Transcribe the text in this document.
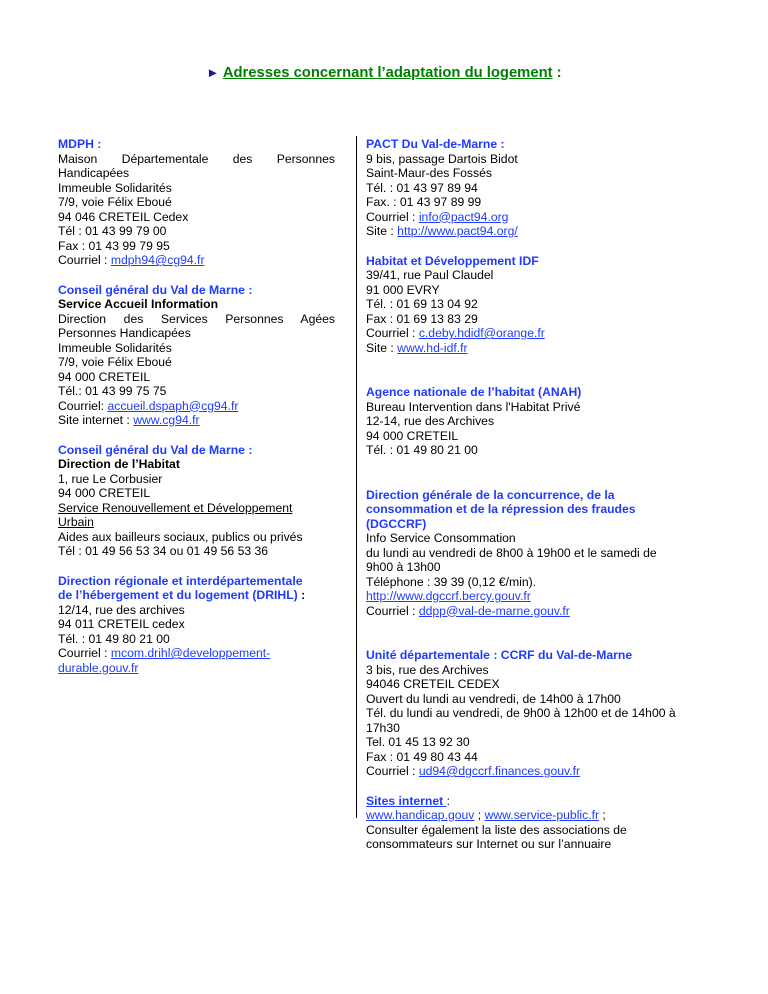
► Adresses concernant l’adaptation du logement :
MDPH :
Maison Départementale des Personnes
Handicapées
Immeuble Solidarités
7/9, voie Félix Eboué
94 046 CRETEIL Cedex
Tél : 01 43 99 79 00
Fax : 01 43 99 79 95
Courriel : mdph94@cg94.fr
Conseil général du Val de Marne :
Service Accueil Information
Direction des Services Personnes Agées
Personnes Handicapées
Immeuble Solidarités
7/9, voie Félix Eboué
94 000 CRETEIL
Tél.: 01 43 99 75 75
Courriel: accueil.dspaph@cg94.fr
Site internet : www.cg94.fr
Conseil général du Val de Marne :
Direction de l’Habitat
1, rue Le Corbusier
94 000 CRETEIL
Service Renouvellement et Développement
Urbain
Aides aux bailleurs sociaux, publics ou privés
Tél : 01 49 56 53 34 ou 01 49 56 53 36
Direction régionale et interdépartementale
de l’hébergement et du logement (DRIHL) :
12/14, rue des archives
94 011 CRETEIL cedex
Tél. : 01 49 80 21 00
Courriel : mcom.drihl@developpement-
durable.gouv.fr
PACT Du Val-de-Marne :
9 bis, passage Dartois Bidot
Saint-Maur-des Fossés
Tél. : 01 43 97 89 94
Fax. : 01 43 97 89 99
Courriel : info@pact94.org
Site : http://www.pact94.org/
Habitat et Développement IDF
39/41, rue Paul Claudel
91 000 EVRY
Tél. : 01 69 13 04 92
Fax : 01 69 13 83 29
Courriel : c.deby.hdidf@orange.fr
Site : www.hd-idf.fr
Agence nationale de l’habitat (ANAH)
Bureau Intervention dans l'Habitat Privé
12-14, rue des Archives
94 000 CRETEIL
Tél. : 01 49 80 21 00
Direction générale de la concurrence, de la
consommation et de la répression des fraudes
(DGCCRF)
Info Service Consommation
du lundi au vendredi de 8h00 à 19h00 et le samedi de
9h00 à 13h00
Téléphone : 39 39 (0,12 €/min).
http://www.dgccrf.bercy.gouv.fr
Courriel : ddpp@val-de-marne.gouv.fr
Unité départementale : CCRF du Val-de-Marne
3 bis, rue des Archives
94046 CRETEIL CEDEX
Ouvert du lundi au vendredi, de 14h00 à 17h00
Tél. du lundi au vendredi, de 9h00 à 12h00 et de 14h00 à
17h30
Tel. 01 45 13 92 30
Fax : 01 49 80 43 44
Courriel : ud94@dgccrf.finances.gouv.fr
Sites internet :
www.handicap.gouv ; www.service-public.fr ;
Consulter également la liste des associations de
consommateurs sur Internet ou sur l’annuaire
